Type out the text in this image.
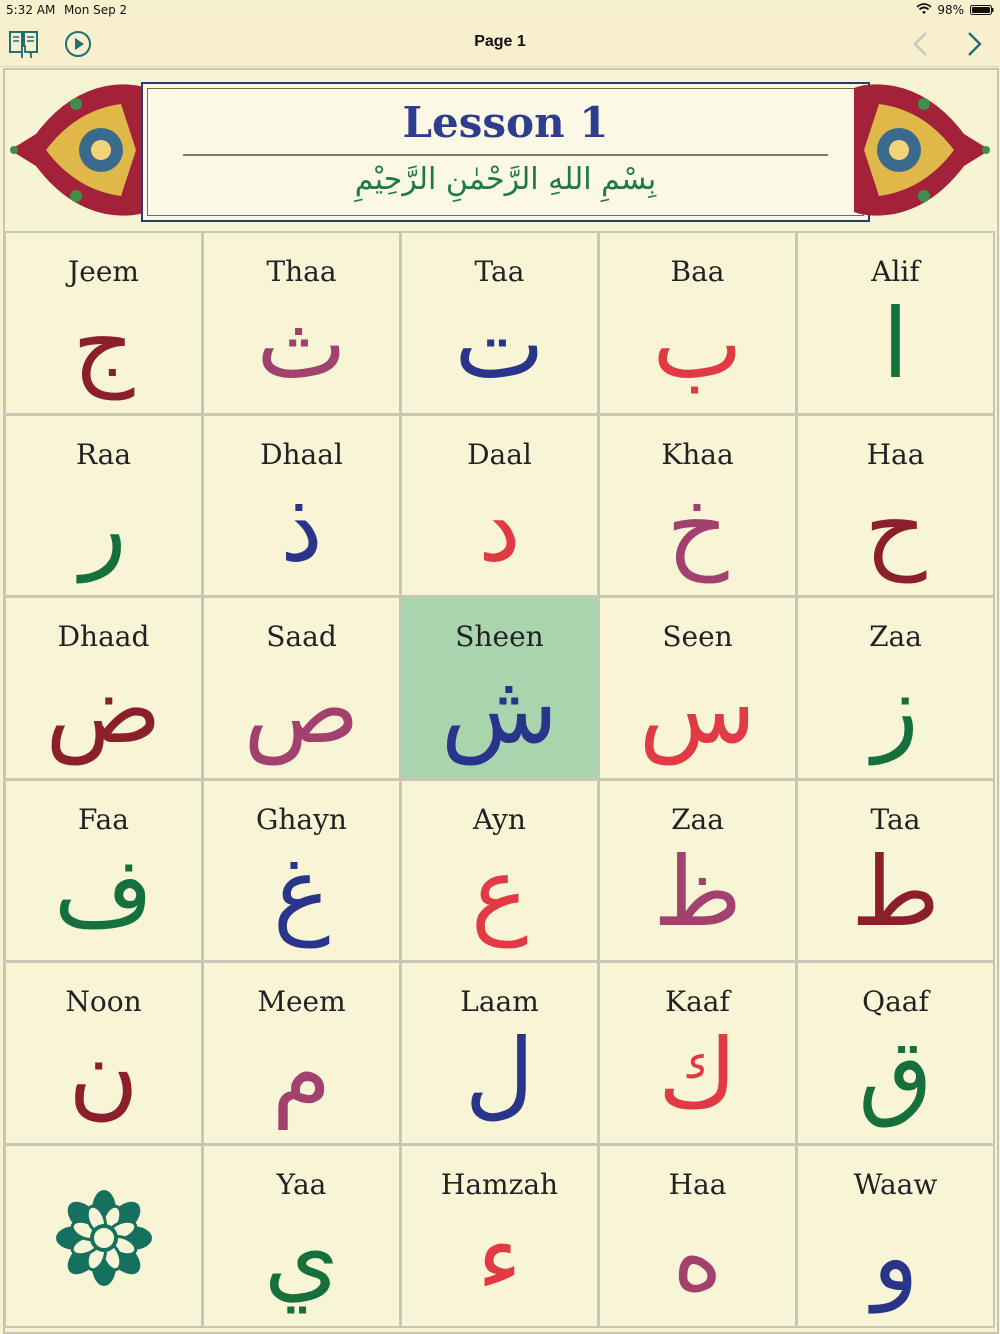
5:32 AM Mon Sep 2	98%
Page 1
Lesson 1
بِسْمِ اللهِ الرَّحْمٰنِ الرَّحِيْمِ
Jeem
ج
Thaa
ث
Taa
ت
Baa
ب
Alif
ا
Raa
ر
Dhaal
ذ
Daal
د
Khaa
خ
Haa
ح
Dhaad
ض
Saad
ص
Sheen
ش
Seen
س
Zaa
ز
Faa
ف
Ghayn
غ
Ayn
ع
Zaa
ظ
Taa
ط
Noon
ن
Meem
م
Laam
ل
Kaaf
ك
Qaaf
ق
Yaa
ي
Hamzah
ء
Haa
ه
Waaw
و
